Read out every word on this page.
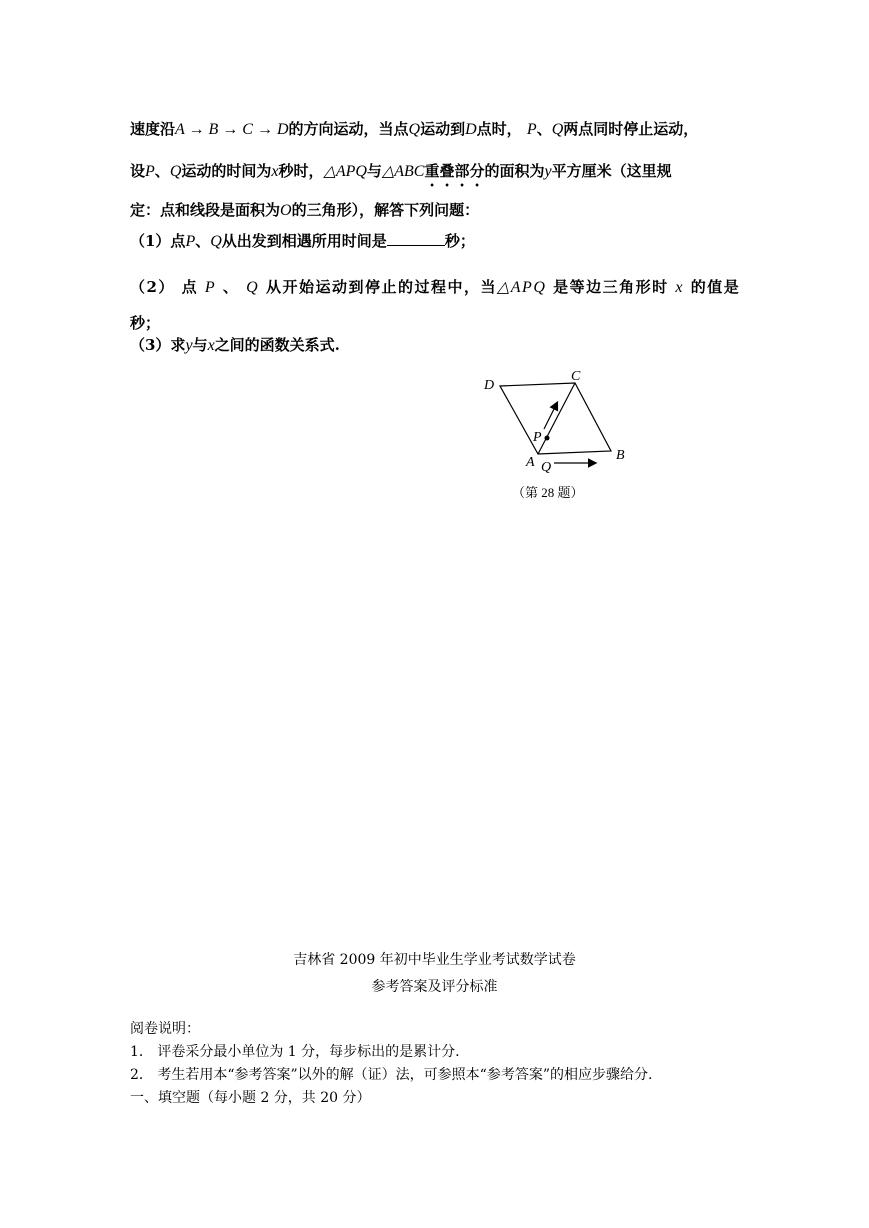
速度沿A → B → C → D的方向运动，当点Q运动到D点时， P、Q两点同时停止运动，
设P、Q运动的时间为x秒时，△APQ与△ABC重叠部分的面积为y平方厘米（这里规
定：点和线段是面积为O的三角形），解答下列问题：
（1）点P、Q从出发到相遇所用时间是	秒；
（2） 点 P 、 Q 从开始运动到停止的过程中，当△APQ 是等边三角形时 x 的值是
秒；
（3）求y与x之间的函数关系式.
D
C
B
A
P
Q
（第 28 题）
吉林省 2009 年初中毕业生学业考试数学试卷
参考答案及评分标准
阅卷说明：
1． 评卷采分最小单位为 1 分，每步标出的是累计分.
2． 考生若用本“参考答案”以外的解（证）法，可参照本“参考答案”的相应步骤给分.
一、填空题（每小题 2 分，共 20 分）
